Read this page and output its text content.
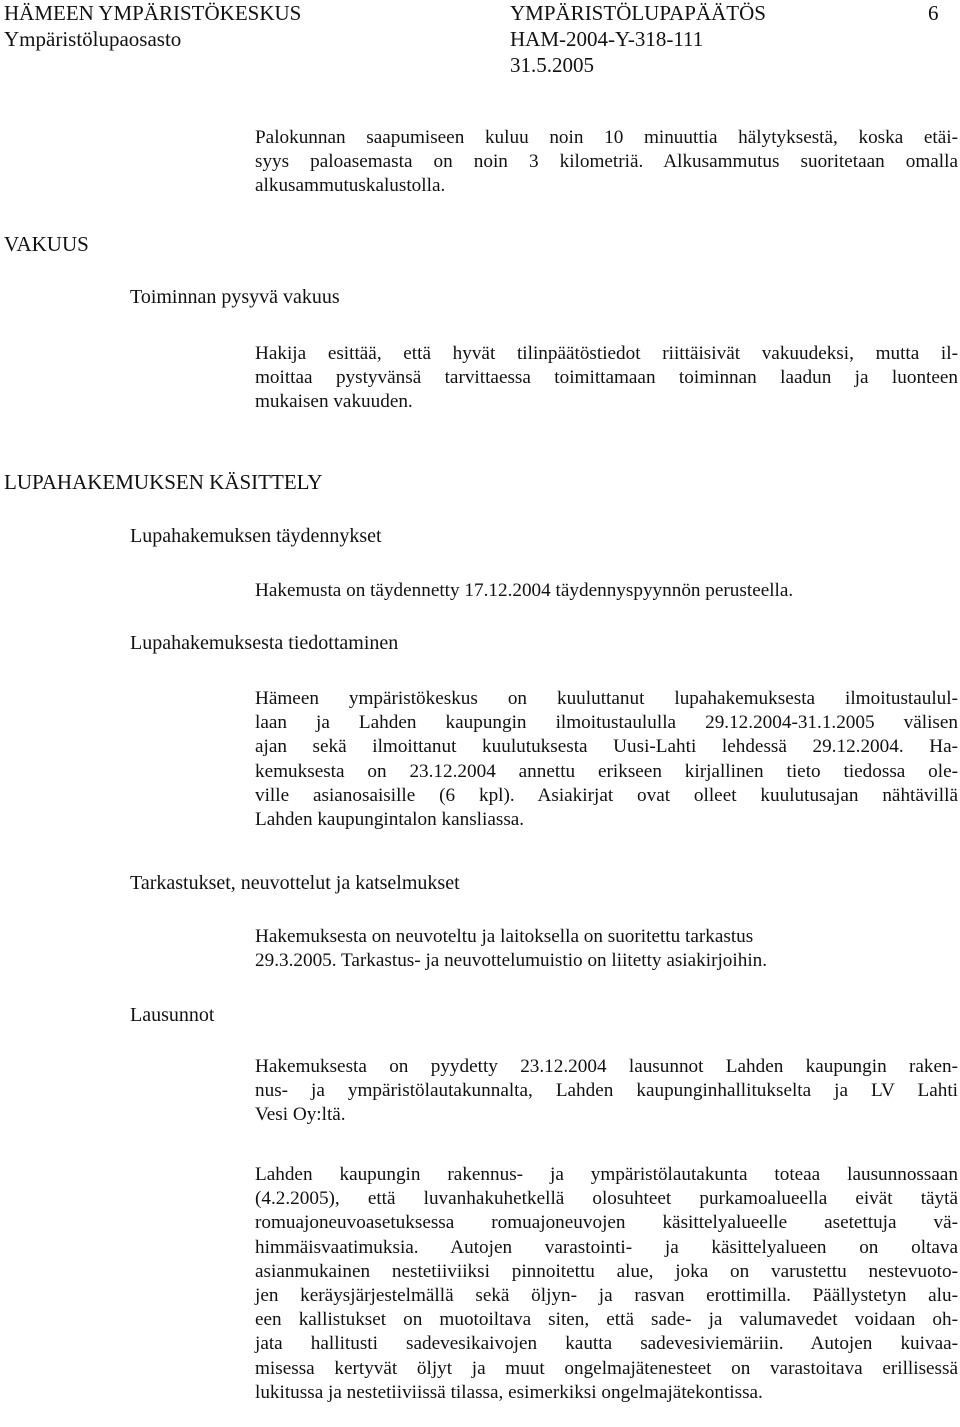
HÄMEEN YMPÄRISTÖKESKUS	YMPÄRISTÖLUPAPÄÄTÖS	6
Ympäristölupaosasto	HAM-2004-Y-318-111
31.5.2005

Palokunnan saapumiseen kuluu noin 10 minuuttia hälytyksestä, koska etäi-
syys paloasemasta on noin 3 kilometriä. Alkusammutus suoritetaan omalla
alkusammutuskalustolla.

VAKUUS
Toiminnan pysyvä vakuus

Hakija esittää, että hyvät tilinpäätöstiedot riittäisivät vakuudeksi, mutta il-
moittaa pystyvänsä tarvittaessa toimittamaan toiminnan laadun ja luonteen
mukaisen vakuuden.

LUPAHAKEMUKSEN KÄSITTELY
Lupahakemuksen täydennykset

Hakemusta on täydennetty 17.12.2004 täydennyspyynnön perusteella.

Lupahakemuksesta tiedottaminen

Hämeen ympäristökeskus on kuuluttanut lupahakemuksesta ilmoitustaulul-
laan ja Lahden kaupungin ilmoitustaululla 29.12.2004-31.1.2005 välisen
ajan sekä ilmoittanut kuulutuksesta Uusi-Lahti lehdessä 29.12.2004. Ha-
kemuksesta on 23.12.2004 annettu erikseen kirjallinen tieto tiedossa ole-
ville asianosaisille (6 kpl). Asiakirjat ovat olleet kuulutusajan nähtävillä
Lahden kaupungintalon kansliassa.

Tarkastukset, neuvottelut ja katselmukset

Hakemuksesta on neuvoteltu ja laitoksella on suoritettu tarkastus
29.3.2005. Tarkastus- ja neuvottelumuistio on liitetty asiakirjoihin.

Lausunnot

Hakemuksesta on pyydetty 23.12.2004 lausunnot Lahden kaupungin raken-
nus- ja ympäristölautakunnalta, Lahden kaupunginhallitukselta ja LV Lahti
Vesi Oy:ltä.

Lahden kaupungin rakennus- ja ympäristölautakunta toteaa lausunnossaan
(4.2.2005), että luvanhakuhetkellä olosuhteet purkamoalueella eivät täytä
romuajoneuvoasetuksessa romuajoneuvojen käsittelyalueelle asetettuja vä-
himmäisvaatimuksia. Autojen varastointi- ja käsittelyalueen on oltava
asianmukainen nestetiiviiksi pinnoitettu alue, joka on varustettu nestevuoto-
jen keräysjärjestelmällä sekä öljyn- ja rasvan erottimilla. Päällystetyn alu-
een kallistukset on muotoiltava siten, että sade- ja valumavedet voidaan oh-
jata hallitusti sadevesikaivojen kautta sadevesiviemäriin. Autojen kuivaa-
misessa kertyvät öljyt ja muut ongelmajätenesteet on varastoitava erillisessä
lukitussa ja nestetiiviissä tilassa, esimerkiksi ongelmajätekontissa.
